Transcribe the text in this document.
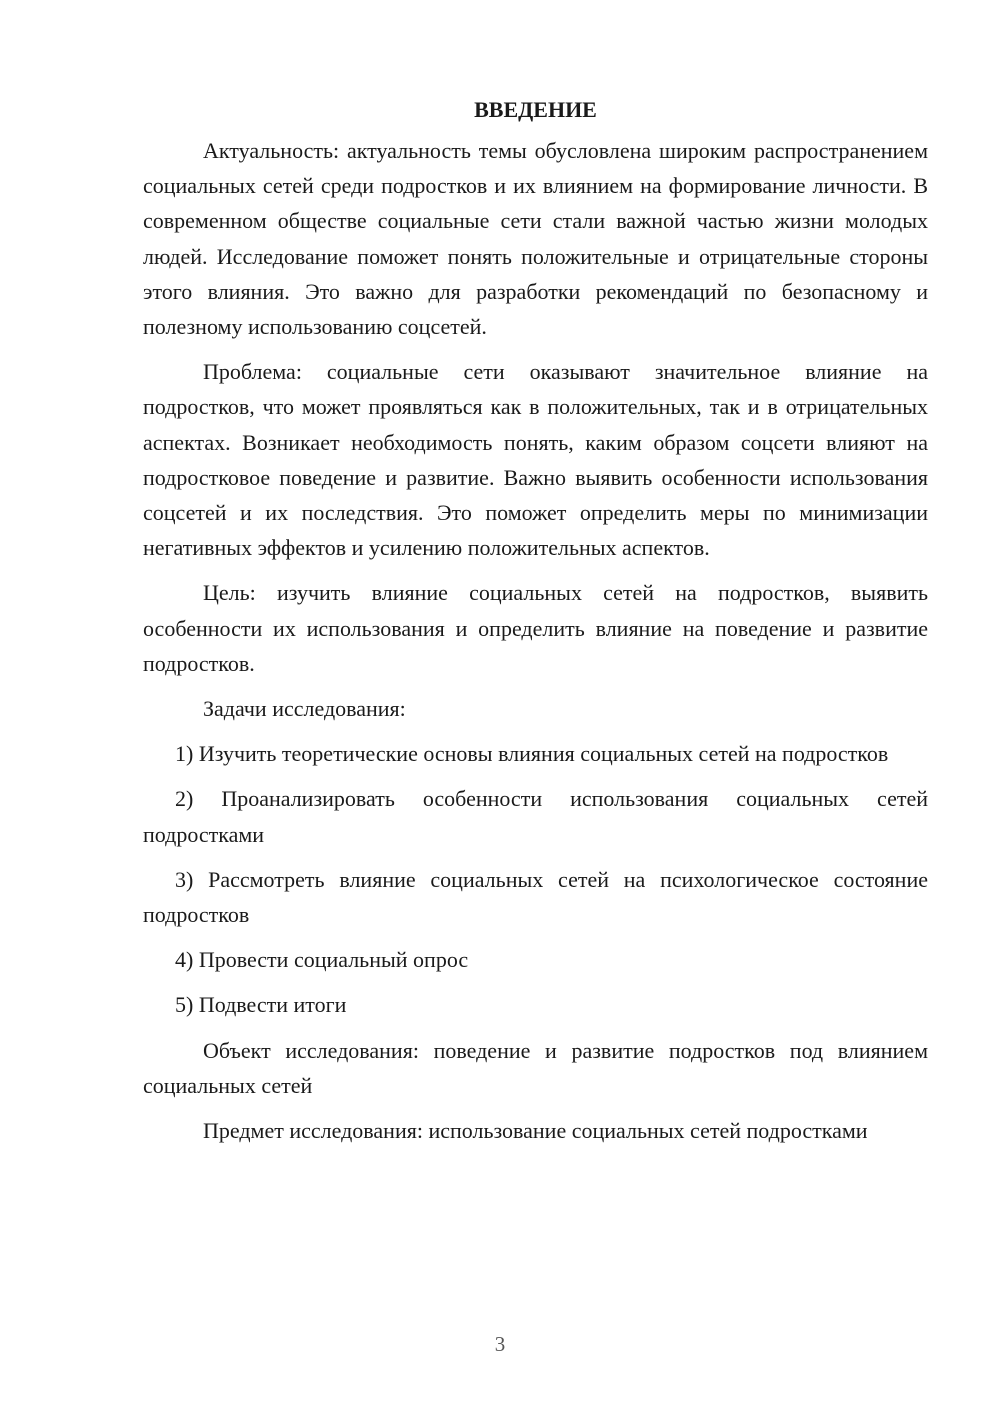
ВВЕДЕНИЕ

Актуальность: актуальность темы обусловлена широким распространением социальных сетей среди подростков и их влиянием на формирование личности. В современном обществе социальные сети стали важной частью жизни молодых людей. Исследование поможет понять положительные и отрицательные стороны этого влияния. Это важно для разработки рекомендаций по безопасному и полезному использованию соцсетей.

Проблема: социальные сети оказывают значительное влияние на подростков, что может проявляться как в положительных, так и в отрицательных аспектах. Возникает необходимость понять, каким образом соцсети влияют на подростковое поведение и развитие. Важно выявить особенности использования соцсетей и их последствия. Это поможет определить меры по минимизации негативных эффектов и усилению положительных аспектов.

Цель: изучить влияние социальных сетей на подростков, выявить особенности их использования и определить влияние на поведение и развитие подростков.

Задачи исследования:

1) Изучить теоретические основы влияния социальных сетей на подростков

2) Проанализировать особенности использования социальных сетей подростками

3) Рассмотреть влияние социальных сетей на психологическое состояние подростков

4) Провести социальный опрос

5) Подвести итоги

Объект исследования: поведение и развитие подростков под влиянием социальных сетей

Предмет исследования: использование социальных сетей подростками

3
